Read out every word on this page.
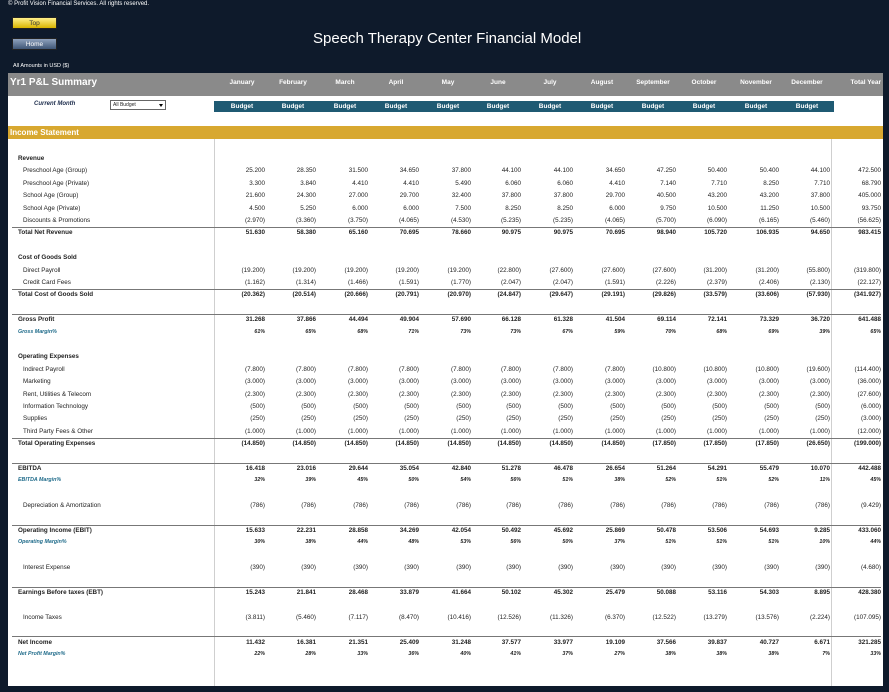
© Profit Vision Financial Services. All rights reserved.
Top
Home	Speech Therapy Center Financial Model
All Amounts in USD ($)
Yr1 P&L Summary	January	February	March	April	May	June	July	August	September	October	November	December	Total Year
Current Month	All Budget	Budget	Budget	Budget	Budget	Budget	Budget	Budget	Budget	Budget	Budget	Budget	Budget
Income Statement
Revenue
Preschool Age (Group)	25.200	28.350	31.500	34.650	37.800	44.100	44.100	34.650	47.250	50.400	50.400	44.100	472.500
Preschool Age (Private)	3.300	3.840	4.410	4.410	5.490	6.060	6.060	4.410	7.140	7.710	8.250	7.710	68.790
School Age (Group)	21.600	24.300	27.000	29.700	32.400	37.800	37.800	29.700	40.500	43.200	43.200	37.800	405.000
School Age (Private)	4.500	5.250	6.000	6.000	7.500	8.250	8.250	6.000	9.750	10.500	11.250	10.500	93.750
Discounts & Promotions	(2.970)	(3.360)	(3.750)	(4.065)	(4.530)	(5.235)	(5.235)	(4.065)	(5.700)	(6.090)	(6.165)	(5.460)	(56.625)
Total Net Revenue	51.630	58.380	65.160	70.695	78.660	90.975	90.975	70.695	98.940	105.720	106.935	94.650	983.415
Cost of Goods Sold
Direct Payroll	(19.200)	(19.200)	(19.200)	(19.200)	(19.200)	(22.800)	(27.600)	(27.600)	(27.600)	(31.200)	(31.200)	(55.800)	(319.800)
Credit Card Fees	(1.162)	(1.314)	(1.466)	(1.591)	(1.770)	(2.047)	(2.047)	(1.591)	(2.226)	(2.379)	(2.406)	(2.130)	(22.127)
Total Cost of Goods Sold	(20.362)	(20.514)	(20.666)	(20.791)	(20.970)	(24.847)	(29.647)	(29.191)	(29.826)	(33.579)	(33.606)	(57.930)	(341.927)
Gross Profit	31.268	37.866	44.494	49.904	57.690	66.128	61.328	41.504	69.114	72.141	73.329	36.720	641.488
Gross Margin%	61%	65%	68%	71%	73%	73%	67%	59%	70%	68%	69%	39%	65%
Operating Expenses
Indirect Payroll	(7.800)	(7.800)	(7.800)	(7.800)	(7.800)	(7.800)	(7.800)	(7.800)	(10.800)	(10.800)	(10.800)	(19.600)	(114.400)
Marketing	(3.000)	(3.000)	(3.000)	(3.000)	(3.000)	(3.000)	(3.000)	(3.000)	(3.000)	(3.000)	(3.000)	(3.000)	(36.000)
Rent, Utilities & Telecom	(2.300)	(2.300)	(2.300)	(2.300)	(2.300)	(2.300)	(2.300)	(2.300)	(2.300)	(2.300)	(2.300)	(2.300)	(27.600)
Information Technology	(500)	(500)	(500)	(500)	(500)	(500)	(500)	(500)	(500)	(500)	(500)	(500)	(6.000)
Supplies	(250)	(250)	(250)	(250)	(250)	(250)	(250)	(250)	(250)	(250)	(250)	(250)	(3.000)
Third Party Fees & Other	(1.000)	(1.000)	(1.000)	(1.000)	(1.000)	(1.000)	(1.000)	(1.000)	(1.000)	(1.000)	(1.000)	(1.000)	(12.000)
Total Operating Expenses	(14.850)	(14.850)	(14.850)	(14.850)	(14.850)	(14.850)	(14.850)	(14.850)	(17.850)	(17.850)	(17.850)	(26.650)	(199.000)
EBITDA	16.418	23.016	29.644	35.054	42.840	51.278	46.478	26.654	51.264	54.291	55.479	10.070	442.488
EBITDA Margin%	32%	39%	45%	50%	54%	56%	51%	38%	52%	51%	52%	11%	45%
Depreciation & Amortization	(786)	(786)	(786)	(786)	(786)	(786)	(786)	(786)	(786)	(786)	(786)	(786)	(9.429)
Operating Income (EBIT)	15.633	22.231	28.858	34.269	42.054	50.492	45.692	25.869	50.478	53.506	54.693	9.285	433.060
Operating Margin%	30%	38%	44%	48%	53%	56%	50%	37%	51%	51%	51%	10%	44%
Interest Expense	(390)	(390)	(390)	(390)	(390)	(390)	(390)	(390)	(390)	(390)	(390)	(390)	(4.680)
Earnings Before taxes (EBT)	15.243	21.841	28.468	33.879	41.664	50.102	45.302	25.479	50.088	53.116	54.303	8.895	428.380
Income Taxes	(3.811)	(5.460)	(7.117)	(8.470)	(10.416)	(12.526)	(11.326)	(6.370)	(12.522)	(13.279)	(13.576)	(2.224)	(107.095)
Net Income	11.432	16.381	21.351	25.409	31.248	37.577	33.977	19.109	37.566	39.837	40.727	6.671	321.285
Net Profit Margin%	22%	28%	33%	36%	40%	41%	37%	27%	38%	38%	38%	7%	33%
